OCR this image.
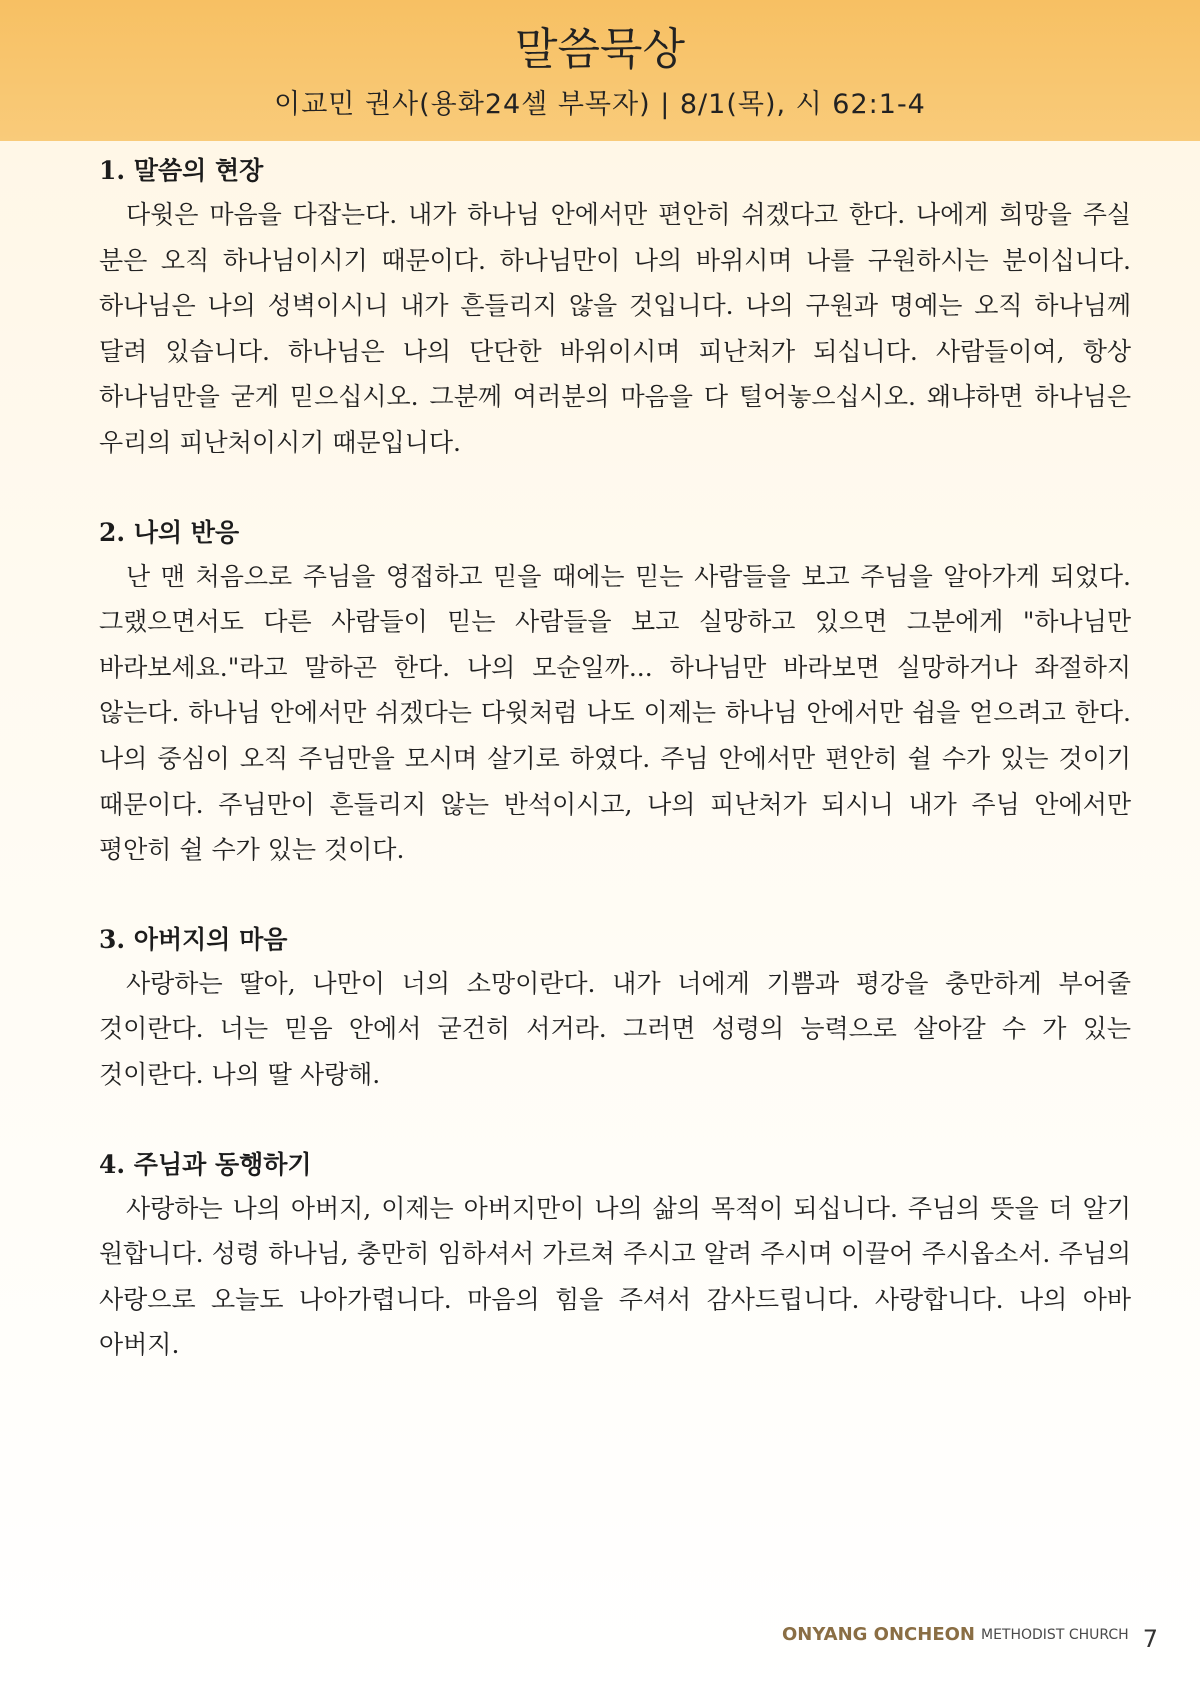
말씀묵상
이교민 권사(용화24셀 부목자) | 8/1(목), 시 62:1-4
1. 말씀의 현장

다윗은 마음을 다잡는다. 내가 하나님 안에서만 편안히 쉬겠다고 한다. 나에게 희망을 주실 분은 오직 하나님이시기 때문이다. 하나님만이 나의 바위시며 나를 구원하시는 분이십니다. 하나님은 나의 성벽이시니 내가 흔들리지 않을 것입니다. 나의 구원과 명예는 오직 하나님께 달려 있습니다. 하나님은 나의 단단한 바위이시며 피난처가 되십니다. 사람들이여, 항상 하나님만을 굳게 믿으십시오. 그분께 여러분의 마음을 다 털어놓으십시오. 왜냐하면 하나님은 우리의 피난처이시기 때문입니다.

2. 나의 반응

난 맨 처음으로 주님을 영접하고 믿을 때에는 믿는 사람들을 보고 주님을 알아가게 되었다. 그랬으면서도 다른 사람들이 믿는 사람들을 보고 실망하고 있으면 그분에게 "하나님만 바라보세요."라고 말하곤 한다. 나의 모순일까... 하나님만 바라보면 실망하거나 좌절하지 않는다. 하나님 안에서만 쉬겠다는 다윗처럼 나도 이제는 하나님 안에서만 쉼을 얻으려고 한다. 나의 중심이 오직 주님만을 모시며 살기로 하였다. 주님 안에서만 편안히 쉴 수가 있는 것이기 때문이다. 주님만이 흔들리지 않는 반석이시고, 나의 피난처가 되시니 내가 주님 안에서만 평안히 쉴 수가 있는 것이다.

3. 아버지의 마음

사랑하는 딸아, 나만이 너의 소망이란다. 내가 너에게 기쁨과 평강을 충만하게 부어줄 것이란다. 너는 믿음 안에서 굳건히 서거라. 그러면 성령의 능력으로 살아갈 수 가 있는 것이란다. 나의 딸 사랑해.

4. 주님과 동행하기

사랑하는 나의 아버지, 이제는 아버지만이 나의 삶의 목적이 되십니다. 주님의 뜻을 더 알기 원합니다. 성령 하나님, 충만히 임하셔서 가르쳐 주시고 알려 주시며 이끌어 주시옵소서. 주님의 사랑으로 오늘도 나아가렵니다. 마음의 힘을 주셔서 감사드립니다. 사랑합니다. 나의 아바 아버지.

ONYANG ONCHEON METHODIST CHURCH 7
